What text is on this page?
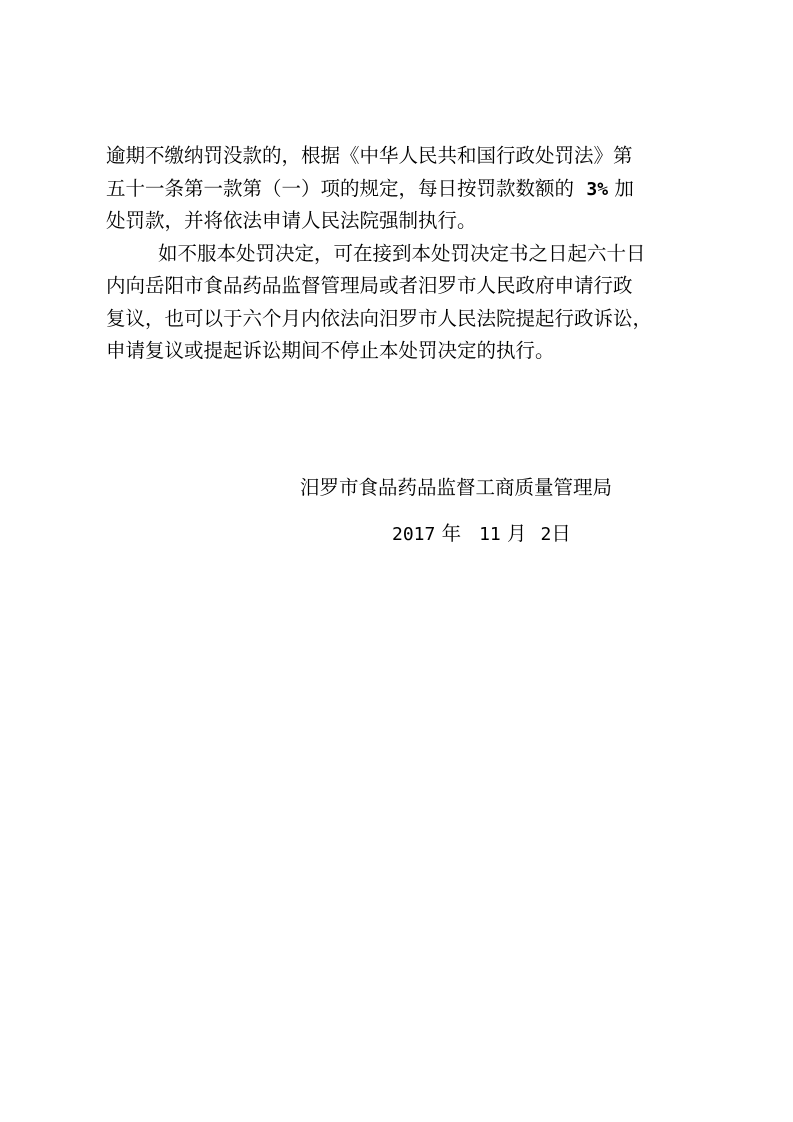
逾期不缴纳罚没款的，根据《中华人民共和国行政处罚法》第
五十一条第一款第（一）项的规定，每日按罚款数额的 3% 加
处罚款，并将依法申请人民法院强制执行。
如不服本处罚决定，可在接到本处罚决定书之日起六十日
内向岳阳市食品药品监督管理局或者汨罗市人民政府申请行政
复议，也可以于六个月内依法向汨罗市人民法院提起行政诉讼，
申请复议或提起诉讼期间不停止本处罚决定的执行。
汨罗市食品药品监督工商质量管理局
2017 年 11 月 2日
